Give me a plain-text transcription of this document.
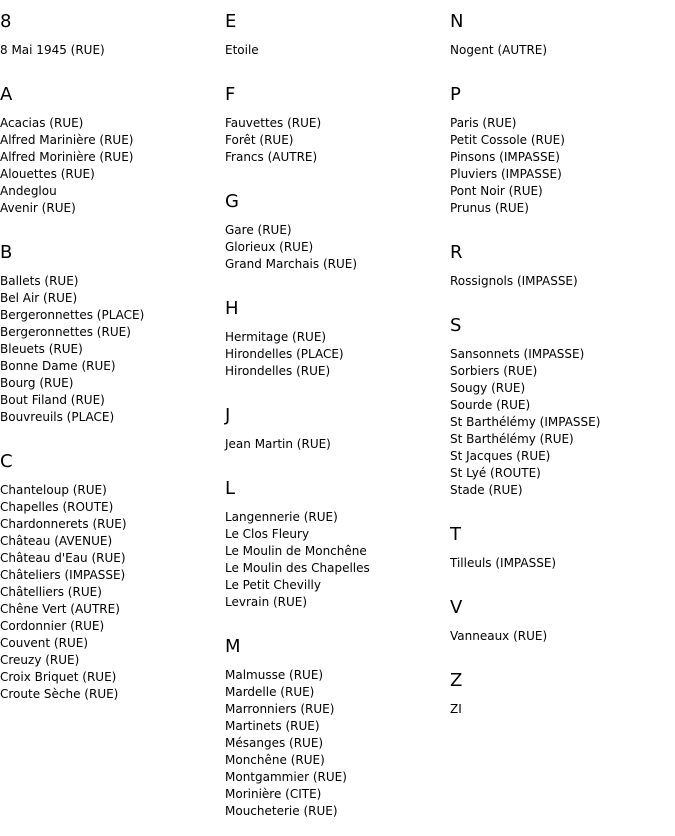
8
8 Mai 1945 (RUE)
A
Acacias (RUE)
Alfred Marinière (RUE)
Alfred Morinière (RUE)
Alouettes (RUE)
Andeglou
Avenir (RUE)
B
Ballets (RUE)
Bel Air (RUE)
Bergeronnettes (PLACE)
Bergeronnettes (RUE)
Bleuets (RUE)
Bonne Dame (RUE)
Bourg (RUE)
Bout Filand (RUE)
Bouvreuils (PLACE)
C
Chanteloup (RUE)
Chapelles (ROUTE)
Chardonnerets (RUE)
Château (AVENUE)
Château d'Eau (RUE)
Châteliers (IMPASSE)
Châtelliers (RUE)
Chêne Vert (AUTRE)
Cordonnier (RUE)
Couvent (RUE)
Creuzy (RUE)
Croix Briquet (RUE)
Croute Sèche (RUE)
E
Etoile
F
Fauvettes (RUE)
Forêt (RUE)
Francs (AUTRE)
G
Gare (RUE)
Glorieux (RUE)
Grand Marchais (RUE)
H
Hermitage (RUE)
Hirondelles (PLACE)
Hirondelles (RUE)
J
Jean Martin (RUE)
L
Langennerie (RUE)
Le Clos Fleury
Le Moulin de Monchêne
Le Moulin des Chapelles
Le Petit Chevilly
Levrain (RUE)
M
Malmusse (RUE)
Mardelle (RUE)
Marronniers (RUE)
Martinets (RUE)
Mésanges (RUE)
Monchêne (RUE)
Montgammier (RUE)
Morinière (CITE)
Moucheterie (RUE)
N
Nogent (AUTRE)
P
Paris (RUE)
Petit Cossole (RUE)
Pinsons (IMPASSE)
Pluviers (IMPASSE)
Pont Noir (RUE)
Prunus (RUE)
R
Rossignols (IMPASSE)
S
Sansonnets (IMPASSE)
Sorbiers (RUE)
Sougy (RUE)
Sourde (RUE)
St Barthélémy (IMPASSE)
St Barthélémy (RUE)
St Jacques (RUE)
St Lyé (ROUTE)
Stade (RUE)
T
Tilleuls (IMPASSE)
V
Vanneaux (RUE)
Z
ZI
